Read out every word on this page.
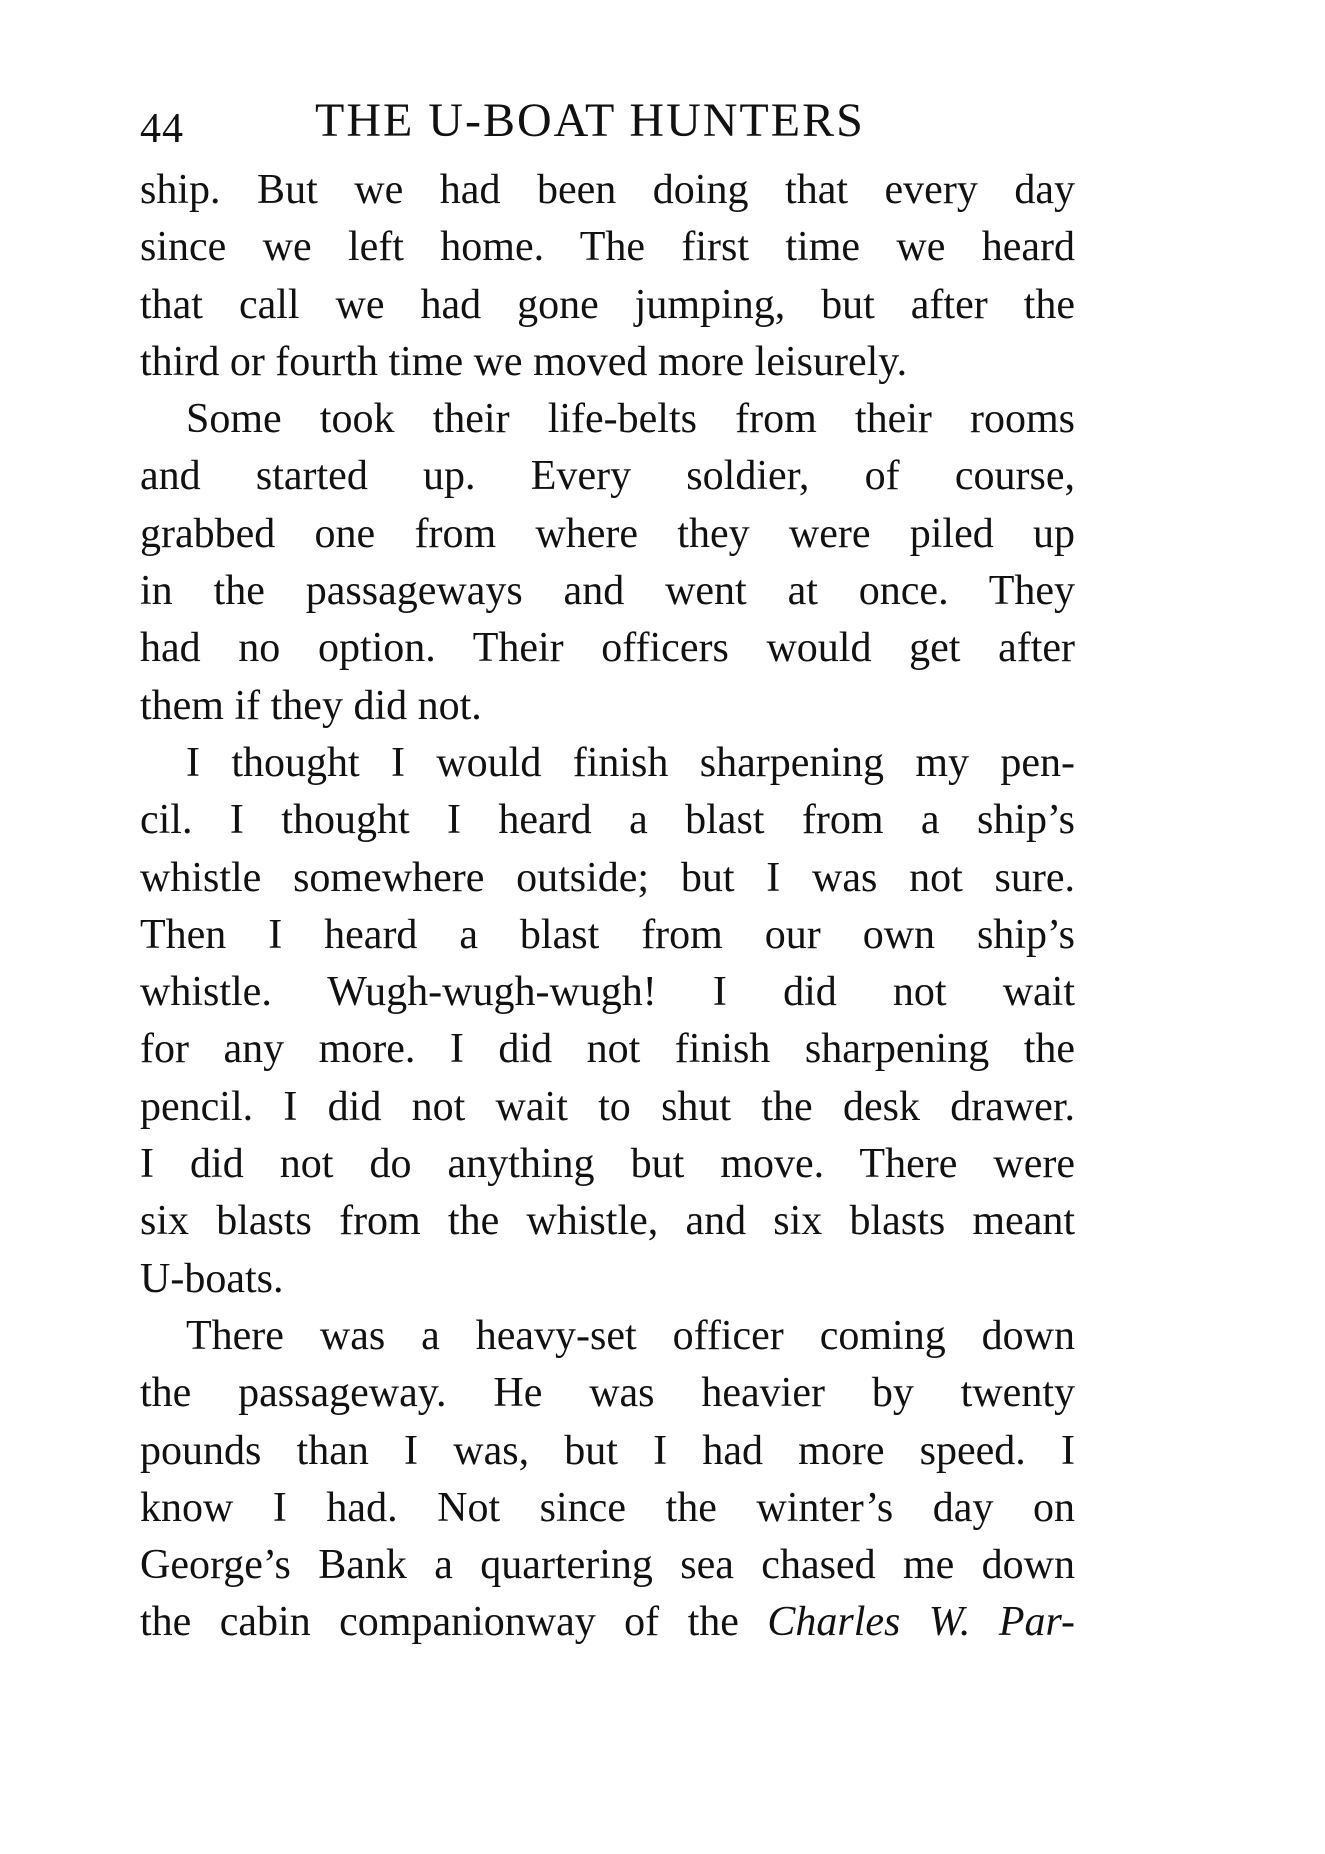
44	THE U-BOAT HUNTERS
ship. But we had been doing that every day
since we left home. The first time we heard
that call we had gone jumping, but after the
third or fourth time we moved more leisurely.
Some took their life-belts from their rooms
and started up. Every soldier, of course,
grabbed one from where they were piled up
in the passageways and went at once. They
had no option. Their officers would get after
them if they did not.
I thought I would finish sharpening my pen-
cil. I thought I heard a blast from a ship’s
whistle somewhere outside; but I was not sure.
Then I heard a blast from our own ship’s
whistle. Wugh-wugh-wugh! I did not wait
for any more. I did not finish sharpening the
pencil. I did not wait to shut the desk drawer.
I did not do anything but move. There were
six blasts from the whistle, and six blasts meant
U-boats.
There was a heavy-set officer coming down
the passageway. He was heavier by twenty
pounds than I was, but I had more speed. I
know I had. Not since the winter’s day on
George’s Bank a quartering sea chased me down
the cabin companionway of the Charles W. Par-
